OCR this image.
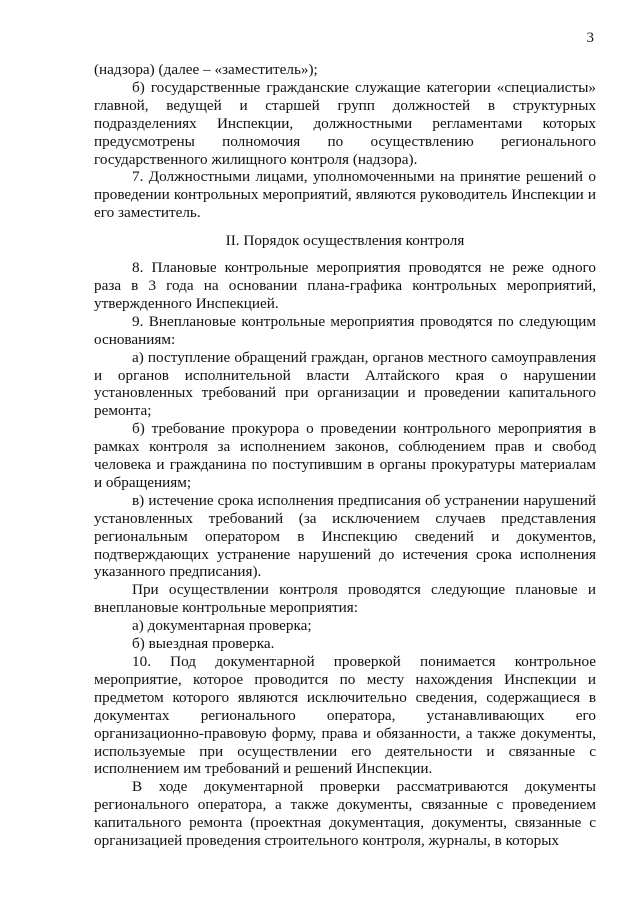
3

(надзора) (далее – «заместитель»);

б) государственные гражданские служащие категории «специалисты» главной, ведущей и старшей групп должностей в структурных подразделениях Инспекции, должностными регламентами которых предусмотрены полномочия по осуществлению регионального государственного жилищного контроля (надзора).

7. Должностными лицами, уполномоченными на принятие решений о проведении контрольных мероприятий, являются руководитель Инспекции и его заместитель.

II. Порядок осуществления контроля

8. Плановые контрольные мероприятия проводятся не реже одного раза в 3 года на основании плана-графика контрольных мероприятий, утвержденного Инспекцией.

9. Внеплановые контрольные мероприятия проводятся по следующим основаниям:

а) поступление обращений граждан, органов местного самоуправления и органов исполнительной власти Алтайского края о нарушении установленных требований при организации и проведении капитального ремонта;

б) требование прокурора о проведении контрольного мероприятия в рамках контроля за исполнением законов, соблюдением прав и свобод человека и гражданина по поступившим в органы прокуратуры материалам и обращениям;

в) истечение срока исполнения предписания об устранении нарушений установленных требований (за исключением случаев представления региональным оператором в Инспекцию сведений и документов, подтверждающих устранение нарушений до истечения срока исполнения указанного предписания).

При осуществлении контроля проводятся следующие плановые и внеплановые контрольные мероприятия:

а) документарная проверка;

б) выездная проверка.

10. Под документарной проверкой понимается контрольное мероприятие, которое проводится по месту нахождения Инспекции и предметом которого являются исключительно сведения, содержащиеся в документах регионального оператора, устанавливающих его организационно-правовую форму, права и обязанности, а также документы, используемые при осуществлении его деятельности и связанные с исполнением им требований и решений Инспекции.

В ходе документарной проверки рассматриваются документы регионального оператора, а также документы, связанные с проведением капитального ремонта (проектная документация, документы, связанные с организацией проведения строительного контроля, журналы, в которых
